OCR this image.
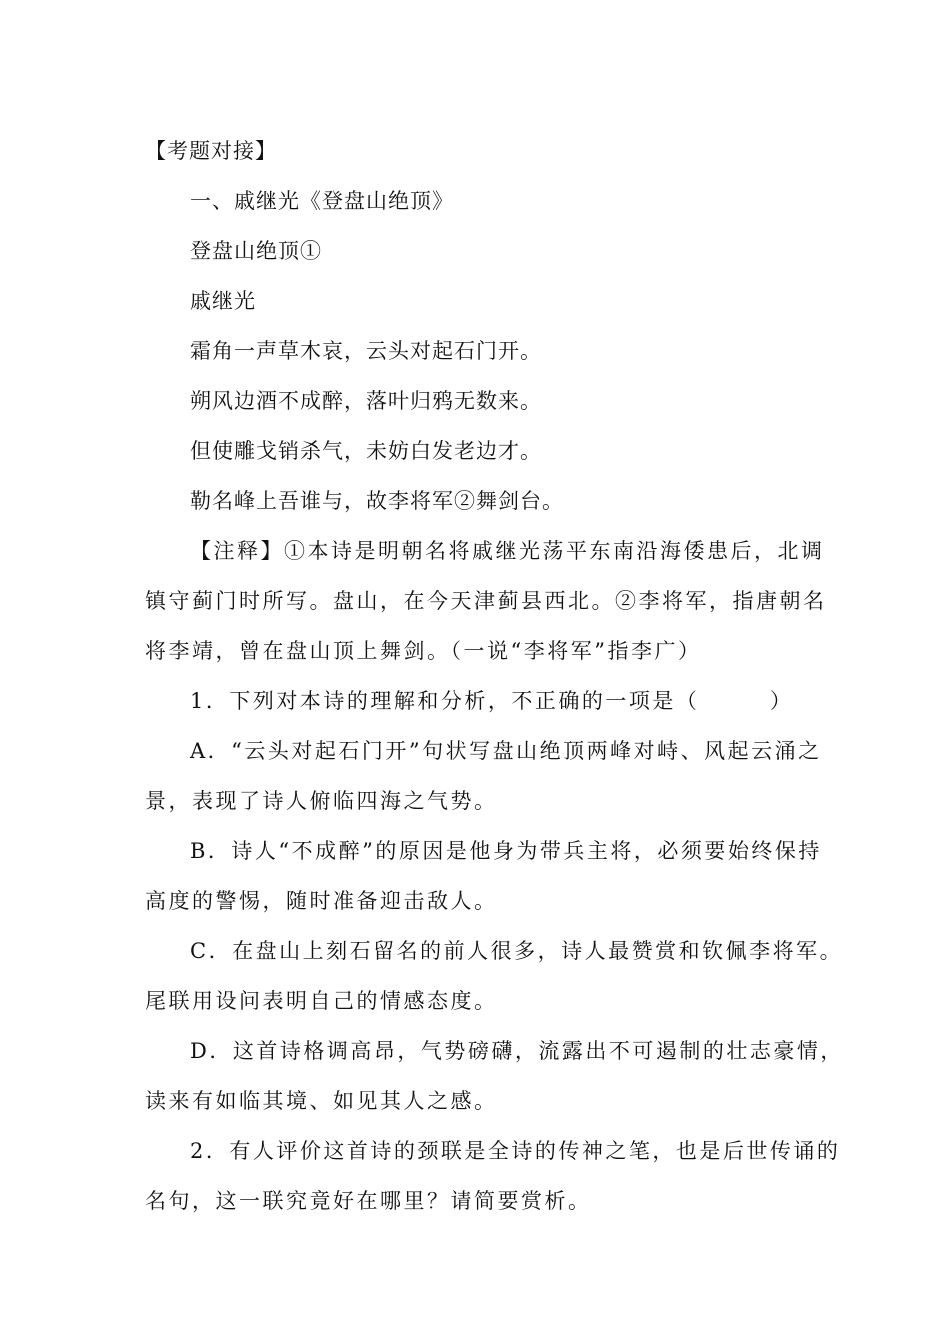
【考题对接】
一、戚继光《登盘山绝顶》
登盘山绝顶①
戚继光
霜角一声草木哀，云头对起石门开。
朔风边酒不成醉，落叶归鸦无数来。
但使雕戈销杀气，未妨白发老边才。
勒名峰上吾谁与，故李将军②舞剑台。
【注释】①本诗是明朝名将戚继光荡平东南沿海倭患后，北调
镇守蓟门时所写。盘山，在今天津蓟县西北。②李将军，指唐朝名
将李靖，曾在盘山顶上舞剑。（一说“李将军”指李广）
1．下列对本诗的理解和分析，不正确的一项是（　　　）
A．“云头对起石门开”句状写盘山绝顶两峰对峙、风起云涌之
景，表现了诗人俯临四海之气势。
B．诗人“不成醉”的原因是他身为带兵主将，必须要始终保持
高度的警惕，随时准备迎击敌人。
C．在盘山上刻石留名的前人很多，诗人最赞赏和钦佩李将军。
尾联用设问表明自己的情感态度。
D．这首诗格调高昂，气势磅礴，流露出不可遏制的壮志豪情，
读来有如临其境、如见其人之感。
2．有人评价这首诗的颈联是全诗的传神之笔，也是后世传诵的
名句，这一联究竟好在哪里？请简要赏析。
